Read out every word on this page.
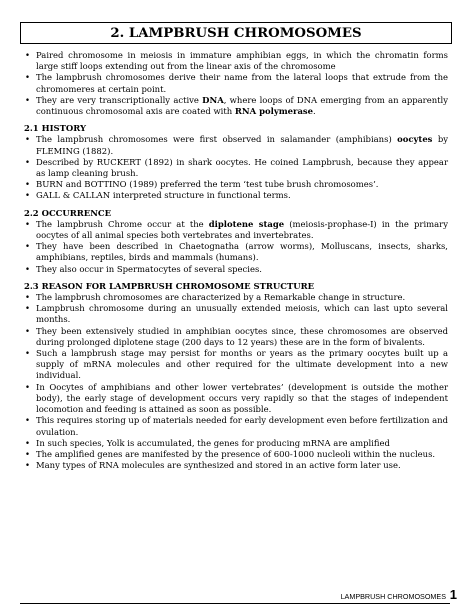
2. LAMPBRUSH CHROMOSOMES
• Paired chromosome in meiosis in immature amphibian eggs, in which the chromatin forms large stiff loops extending out from the linear axis of the chromosome
• The lampbrush chromosomes derive their name from the lateral loops that extrude from the chromomeres at certain point.
• They are very transcriptionally active DNA, where loops of DNA emerging from an apparently continuous chromosomal axis are coated with RNA polymerase.
2.1 HISTORY
• The lampbrush chromosomes were first observed in salamander (amphibians) oocytes by FLEMING (1882).
• Described by RUCKERT (1892) in shark oocytes. He coined Lampbrush, because they appear as lamp cleaning brush.
• BURN and BOTTINO (1989) preferred the term ‘test tube brush chromosomes’.
• GALL & CALLAN interpreted structure in functional terms.
2.2 OCCURRENCE
• The lampbrush Chrome occur at the diplotene stage (meiosis-prophase-I) in the primary oocytes of all animal species both vertebrates and invertebrates.
• They have been described in Chaetognatha (arrow worms), Molluscans, insects, sharks, amphibians, reptiles, birds and mammals (humans).
• They also occur in Spermatocytes of several species.
2.3 REASON FOR LAMPBRUSH CHROMOSOME STRUCTURE
• The lampbrush chromosomes are characterized by a Remarkable change in structure.
• Lampbrush chromosome during an unusually extended meiosis, which can last upto several months.
• They been extensively studied in amphibian oocytes since, these chromosomes are observed during prolonged diplotene stage (200 days to 12 years) these are in the form of bivalents.
• Such a lampbrush stage may persist for months or years as the primary oocytes built up a supply of mRNA molecules and other required for the ultimate development into a new individual.
• In Oocytes of amphibians and other lower vertebrates’ (development is outside the mother body), the early stage of development occurs very rapidly so that the stages of independent locomotion and feeding is attained as soon as possible.
• This requires storing up of materials needed for early development even before fertilization and ovulation.
• In such species, Yolk is accumulated, the genes for producing mRNA are amplified
• The amplified genes are manifested by the presence of 600-1000 nucleoli within the nucleus.
• Many types of RNA molecules are synthesized and stored in an active form later use.
LAMPBRUSH CHROMOSOMES 1
